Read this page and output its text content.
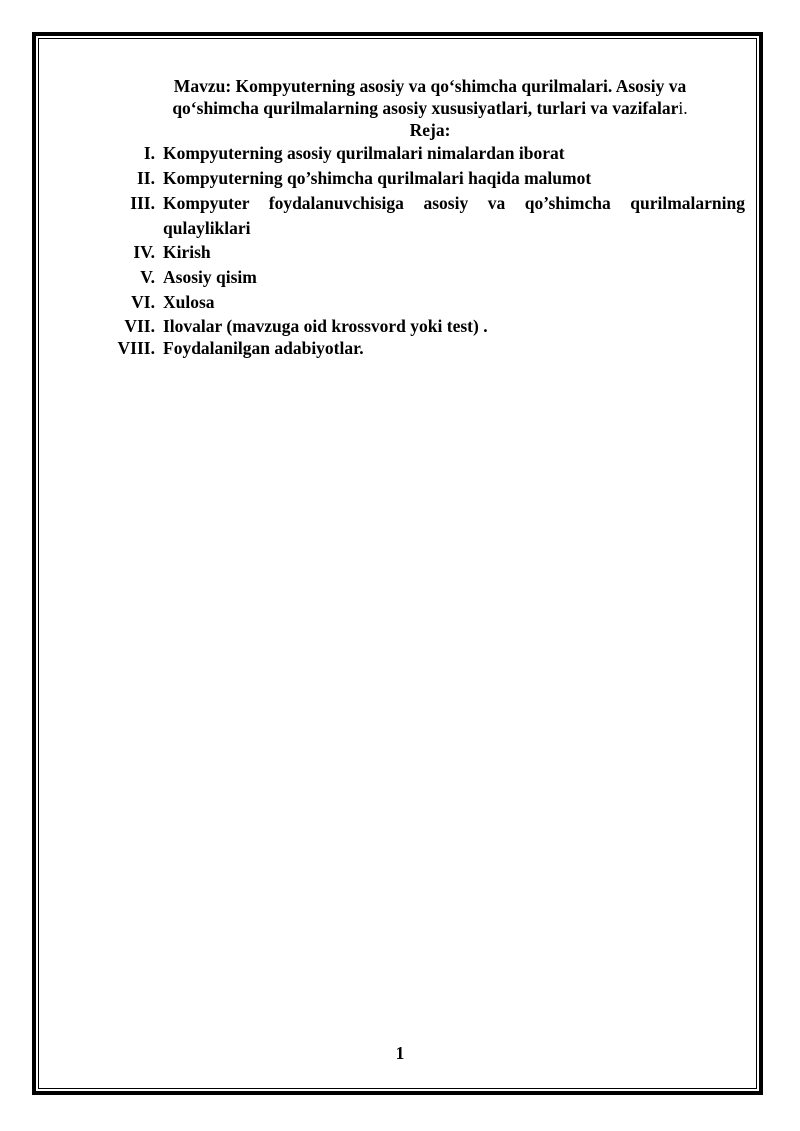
Mavzu: Kompyuterning asosiy va qo‘shimcha qurilmalari. Asosiy va
qo‘shimcha qurilmalarning asosiy xususiyatlari, turlari va vazifalari.
Reja:
I. Kompyuterning asosiy qurilmalari nimalardan iborat
II. Kompyuterning qo’shimcha qurilmalari haqida malumot
III. Kompyuter foydalanuvchisiga asosiy va qo’shimcha qurilmalarning
qulayliklari
IV. Kirish
V. Asosiy qisim
VI. Xulosa
VII. Ilovalar (mavzuga oid krossvord yoki test) .
VIII. Foydalanilgan adabiyotlar.
1
